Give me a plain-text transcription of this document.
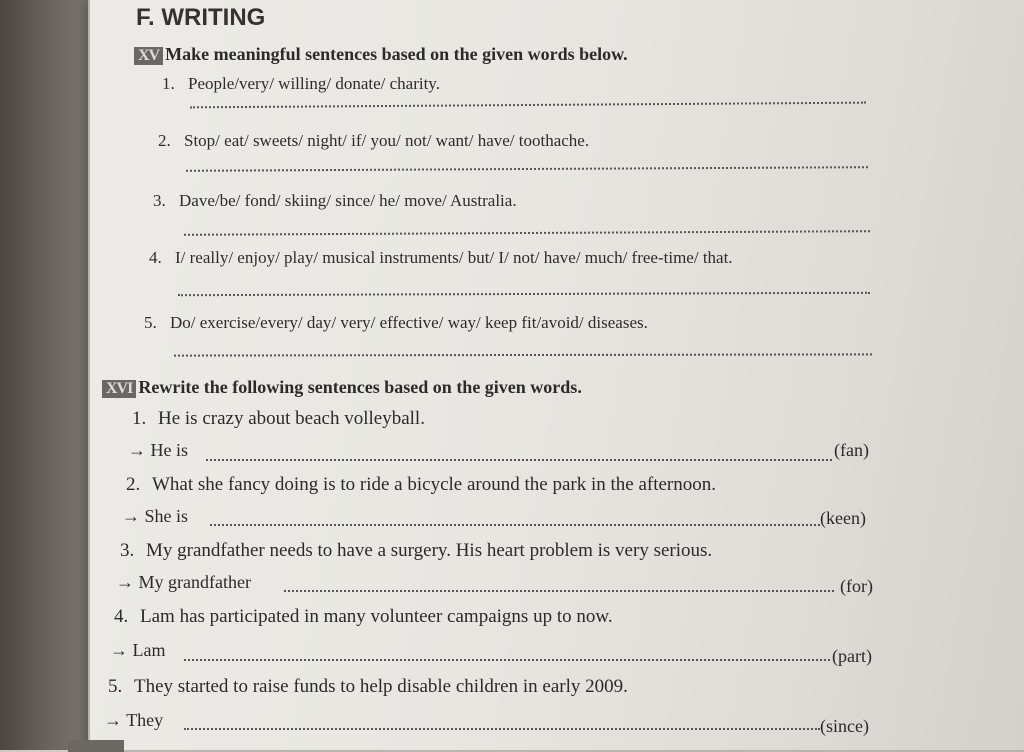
F. WRITING
XV Make meaningful sentences based on the given words below.
1. People/very/ willing/ donate/ charity.
2. Stop/ eat/ sweets/ night/ if/ you/ not/ want/ have/ toothache.
3. Dave/be/ fond/ skiing/ since/ he/ move/ Australia.
4. I/ really/ enjoy/ play/ musical instruments/ but/ I/ not/ have/ much/ free-time/ that.
5. Do/ exercise/every/ day/ very/ effective/ way/ keep fit/avoid/ diseases.
XVI Rewrite the following sentences based on the given words.
1. He is crazy about beach volleyball.
→ He is	(fan)
2. What she fancy doing is to ride a bicycle around the park in the afternoon.
→ She is	(keen)
3. My grandfather needs to have a surgery. His heart problem is very serious.
→ My grandfather	(for)
4. Lam has participated in many volunteer campaigns up to now.
→ Lam	(part)
5. They started to raise funds to help disable children in early 2009.
→ They	(since)
